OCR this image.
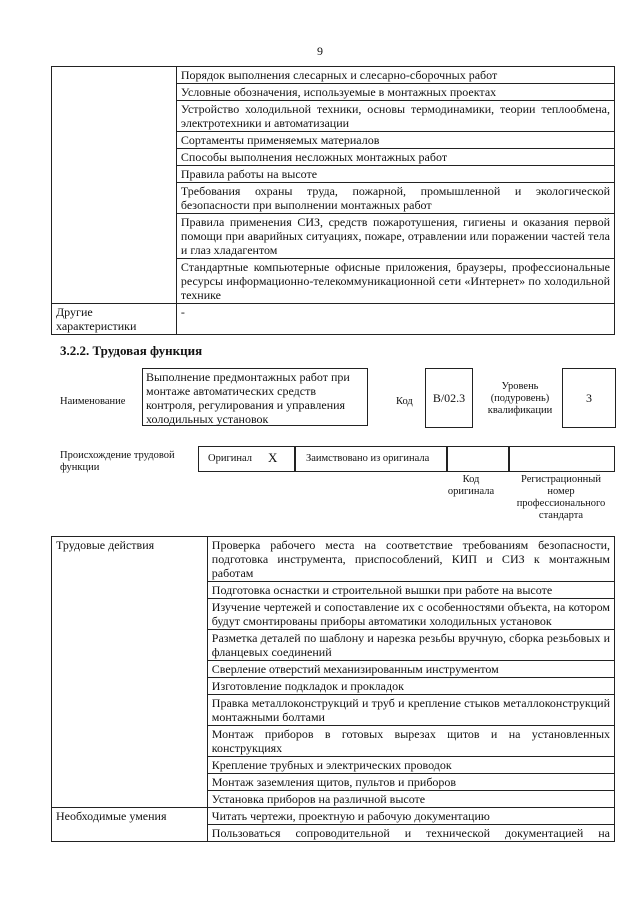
9
	Порядок выполнения слесарных и слесарно-сборочных работ
	Условные обозначения, используемые в монтажных проектах
	Устройство холодильной техники, основы термодинамики, теории теплообмена, электротехники и автоматизации
	Сортаменты применяемых материалов
	Способы выполнения несложных монтажных работ
	Правила работы на высоте
	Требования охраны труда, пожарной, промышленной и экологической безопасности при выполнении монтажных работ
	Правила применения СИЗ, средств пожаротушения, гигиены и оказания первой помощи при аварийных ситуациях, пожаре, отравлении или поражении частей тела и глаз хладагентом
	Стандартные компьютерные офисные приложения, браузеры, профессиональные ресурсы информационно-телекоммуникационной сети «Интернет» по холодильной технике
Другие характеристики	-
3.2.2. Трудовая функция
Наименование
Выполнение предмонтажных работ при монтаже автоматических средств контроля, регулирования и управления холодильных установок
Код B/02.3
Уровень (подуровень) квалификации
3
Происхождение трудовой функции
Оригинал X	Заимствовано из оригинала
Код оригинала
Регистрационный номер профессионального стандарта
Трудовые действия	Проверка рабочего места на соответствие требованиям безопасности, подготовка инструмента, приспособлений, КИП и СИЗ к монтажным работам
	Подготовка оснастки и строительной вышки при работе на высоте
	Изучение чертежей и сопоставление их с особенностями объекта, на котором будут смонтированы приборы автоматики холодильных установок
	Разметка деталей по шаблону и нарезка резьбы вручную, сборка резьбовых и фланцевых соединений
	Сверление отверстий механизированным инструментом
	Изготовление подкладок и прокладок
	Правка металлоконструкций и труб и крепление стыков металлоконструкций монтажными болтами
	Монтаж приборов в готовых вырезах щитов и на установленных конструкциях
	Крепление трубных и электрических проводок
	Монтаж заземления щитов, пультов и приборов
	Установка приборов на различной высоте
Необходимые умения	Читать чертежи, проектную и рабочую документацию
	Пользоваться сопроводительной и технической документацией на
